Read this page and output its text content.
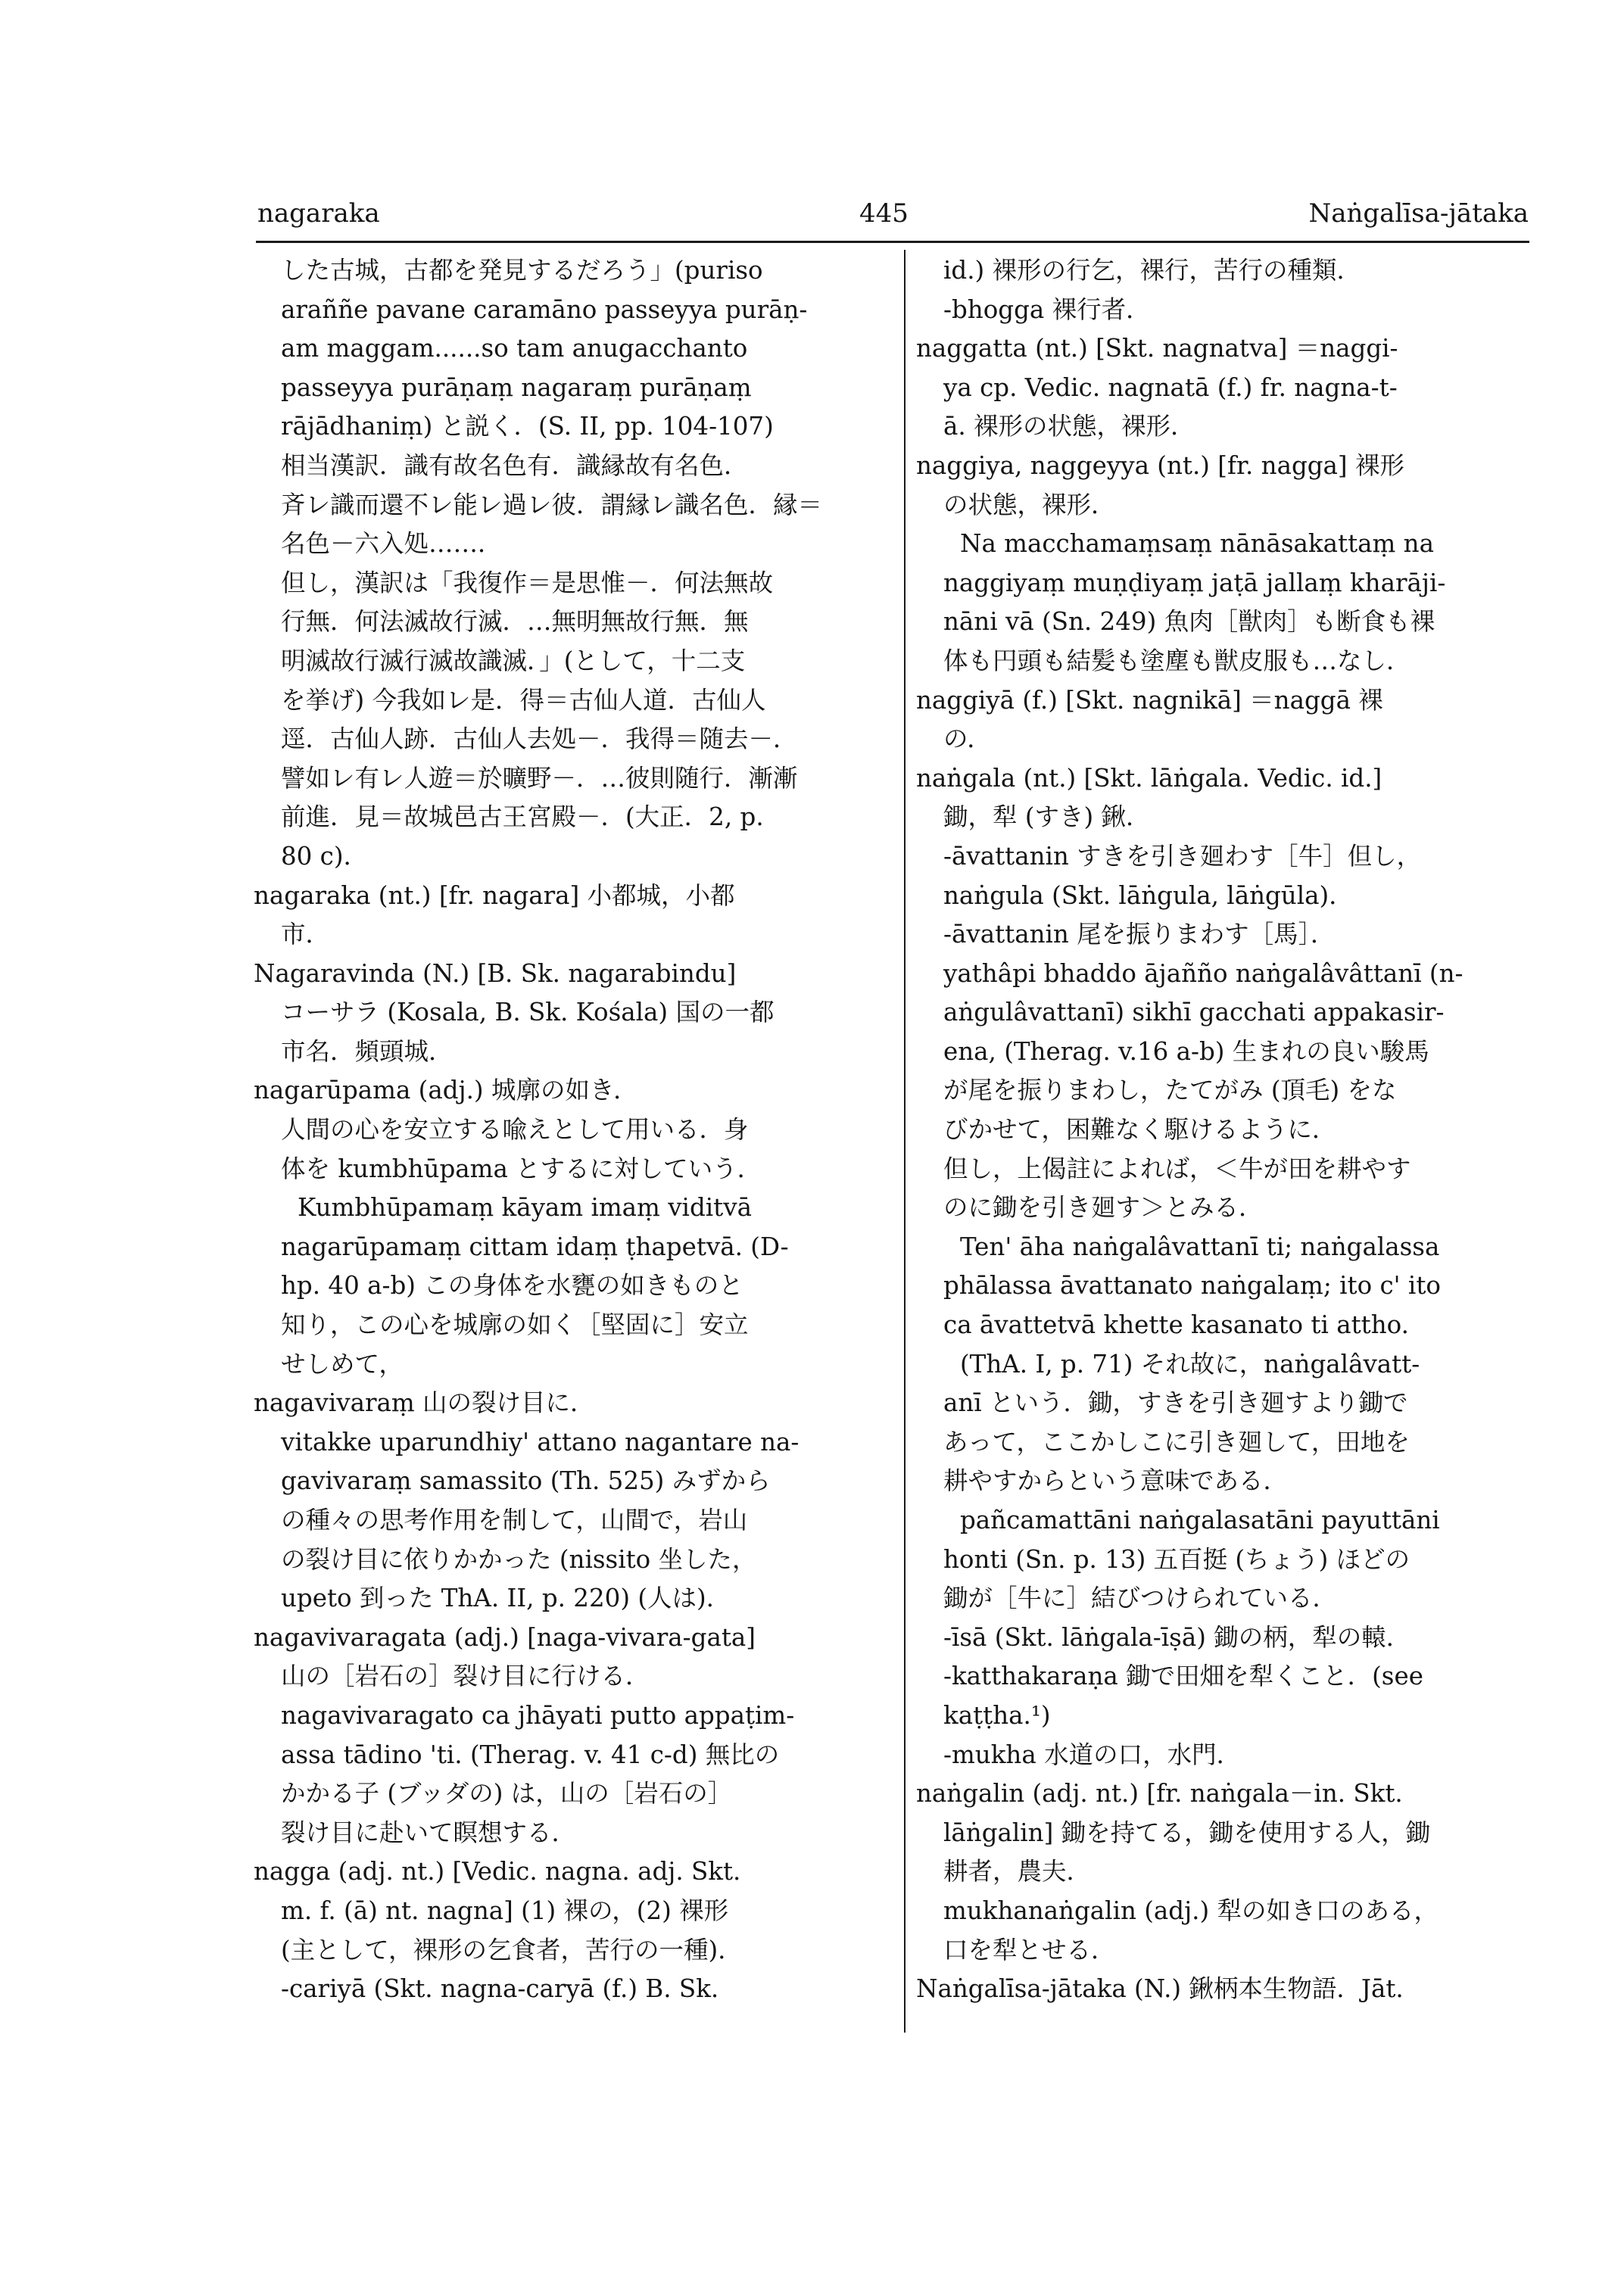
nagaraka	445	Naṅgalīsa-jātaka
した古城，古都を発見するだろう」(puriso
araññe pavane caramāno passeyya purāṇ-
am maggam......so tam anugacchanto
passeyya purāṇaṃ nagaraṃ purāṇaṃ
rājādhaniṃ) と説く．(S. II, pp. 104-107)
相当漢訳．識有故名色有．識縁故有名色．
斉レ識而還不レ能レ過レ彼．謂縁レ識名色．縁＝
名色－六入処……．
但し，漢訳は「我復作＝是思惟－．何法無故
行無．何法滅故行滅．…無明無故行無．無
明滅故行滅行滅故識滅．」(として，十二支
を挙げ) 今我如レ是．得＝古仙人道．古仙人
逕．古仙人跡．古仙人去処－．我得＝随去－．
譬如レ有レ人遊＝於曠野－．…彼則随行．漸漸
前進．見＝故城邑古王宮殿－．(大正．2, p.
80 c)．
nagaraka (nt.) [fr. nagara] 小都城，小都
市．
Nagaravinda (N.) [B. Sk. nagarabindu]
コーサラ (Kosala, B. Sk. Kośala) 国の一都
市名．頻頭城．
nagarūpama (adj.) 城廓の如き．
人間の心を安立する喩えとして用いる．身
体を kumbhūpama とするに対していう．
Kumbhūpamaṃ kāyam imaṃ viditvā
nagarūpamaṃ cittam idaṃ ṭhapetvā. (D-
hp. 40 a-b) この身体を水甕の如きものと
知り，この心を城廓の如く［堅固に］安立
せしめて，
nagavivaraṃ 山の裂け目に．
vitakke uparundhiy' attano nagantare na-
gavivaraṃ samassito (Th. 525) みずから
の種々の思考作用を制して，山間で，岩山
の裂け目に依りかかった (nissito 坐した，
upeto 到った ThA. II, p. 220) (人は)．
nagavivaragata (adj.) [naga-vivara-gata]
山の［岩石の］裂け目に行ける．
nagavivaragato ca jhāyati putto appaṭim-
assa tādino 'ti. (Therag. v. 41 c-d) 無比の
かかる子 (ブッダの) は，山の［岩石の］
裂け目に赴いて瞑想する．
nagga (adj. nt.) [Vedic. nagna. adj. Skt.
m. f. (ā) nt. nagna] (1) 裸の，(2) 裸形
(主として，裸形の乞食者，苦行の一種)．
-cariyā (Skt. nagna-caryā (f.) B. Sk.
id.) 裸形の行乞，裸行，苦行の種類．
-bhogga 裸行者．
naggatta (nt.) [Skt. nagnatva] ＝naggi-
ya cp. Vedic. nagnatā (f.) fr. nagna-t-
ā. 裸形の状態，裸形．
naggiya, naggeyya (nt.) [fr. nagga] 裸形
の状態，裸形．
Na macchamaṃsaṃ nānāsakattaṃ na
naggiyaṃ muṇḍiyaṃ jaṭā jallaṃ kharāji-
nāni vā (Sn. 249) 魚肉［獣肉］も断食も裸
体も円頭も結髪も塗塵も獣皮服も…なし．
naggiyā (f.) [Skt. nagnikā] ＝naggā 裸
の．
naṅgala (nt.) [Skt. lāṅgala. Vedic. id.]
鋤，犁 (すき) 鍬．
-āvattanin すきを引き廻わす［牛］但し，
naṅgula (Skt. lāṅgula, lāṅgūla)．
-āvattanin 尾を振りまわす［馬］．
yathâpi bhaddo ājañño naṅgalâvâttanī (n-
aṅgulâvattanī) sikhī gacchati appakasir-
ena, (Therag. v.16 a-b) 生まれの良い駿馬
が尾を振りまわし，たてがみ (頂毛) をな
びかせて，困難なく駆けるように．
但し，上偈註によれば，＜牛が田を耕やす
のに鋤を引き廻す＞とみる．
Ten' āha naṅgalâvattanī ti; naṅgalassa
phālassa āvattanato naṅgalaṃ; ito c' ito
ca āvattetvā khette kasanato ti attho.
(ThA. I, p. 71) それ故に，naṅgalâvatt-
anī という．鋤，すきを引き廻すより鋤で
あって，ここかしこに引き廻して，田地を
耕やすからという意味である．
pañcamattāni naṅgalasatāni payuttāni
honti (Sn. p. 13) 五百挺 (ちょう) ほどの
鋤が［牛に］結びつけられている．
-īsā (Skt. lāṅgala-īṣā) 鋤の柄，犁の轅．
-katthakaraṇa 鋤で田畑を犁くこと．(see
kaṭṭha.¹)
-mukha 水道の口，水門．
naṅgalin (adj. nt.) [fr. naṅgala－in. Skt.
lāṅgalin] 鋤を持てる，鋤を使用する人，鋤
耕者，農夫．
mukhanaṅgalin (adj.) 犁の如き口のある，
口を犁とせる．
Naṅgalīsa-jātaka (N.) 鍬柄本生物語．Jāt.
